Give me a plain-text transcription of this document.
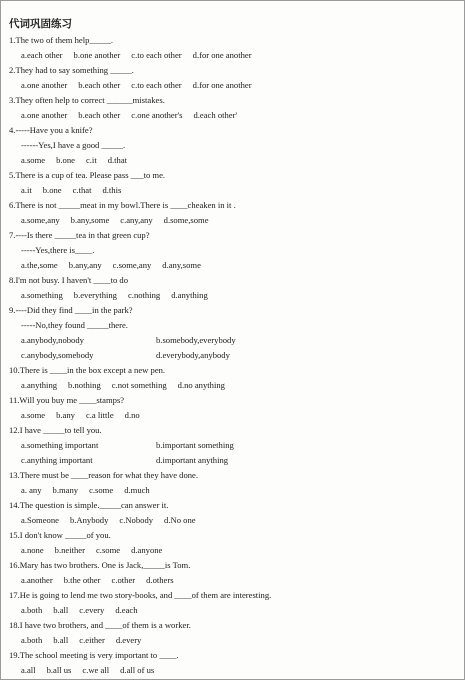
代词巩固练习
1.The two of them help_____.
a.each other b.one another c.to each other d.for one another
2.They had to say something _____.
a.one another b.each other c.to each other d.for one another
3.They often help to correct ______mistakes.
a.one another b.each other c.one another's d.each other'
4.-----Have you a knife?
------Yes,I have a good _____.
a.some b.one c.it d.that
5.There is a cup of tea. Please pass ___to me.
a.it b.one c.that d.this
6.There is not _____meat in my bowl.There is ____cheaken in it .
a.some,any b.any,some c.any,any d.some,some
7.----Is there _____tea in that green cup?
-----Yes,there is____.
a.the,some b.any,any c.some,any d.any,some
8.I'm not busy. I haven't ____to do
a.something b.everything c.nothing d.anything
9.----Did they find ____in the park?
-----No,they found _____there.
a.anybody,nobody	b.somebody,everybody
c.anybody,somebody	d.everybody,anybody
10.There is ____in the box except a new pen.
a.anything b.nothing c.not something d.no anything
11.Will you buy me ____stamps?
a.some b.any c.a little d.no
12.I have _____to tell you.
a.something important	b.important something
c.anything important	d.important anything
13.There must be ____reason for what they have done.
a. any b.many c.some d.much
14.The question is simple._____can answer it.
a.Someone b.Anybody c.Nobody d.No one
15.I don't know _____of you.
a.none b.neither c.some d.anyone
16.Mary has two brothers. One is Jack,_____is Tom.
a.another b.the other c.other d.others
17.He is going to lend me two story-books, and ____of them are interesting.
a.both b.all c.every d.each
18.I have two brothers, and ____of them is a worker.
a.both b.all c.either d.every
19.The school meeting is very important to ____.
a.all b.all us c.we all d.all of us
